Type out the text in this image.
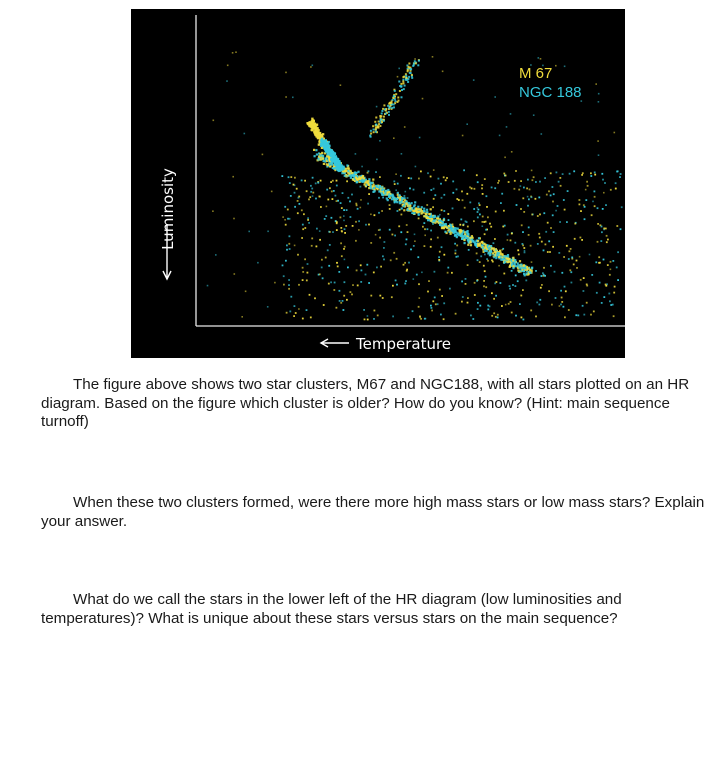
Luminosity
Temperature
M 67
NGC 188

The figure above shows two star clusters, M67 and NGC188, with all stars plotted on an HR diagram. Based on the figure which cluster is older? How do you know? (Hint: main sequence turnoff)

When these two clusters formed, were there more high mass stars or low mass stars? Explain your answer.

What do we call the stars in the lower left of the HR diagram (low luminosities and temperatures)? What is unique about these stars versus stars on the main sequence?
